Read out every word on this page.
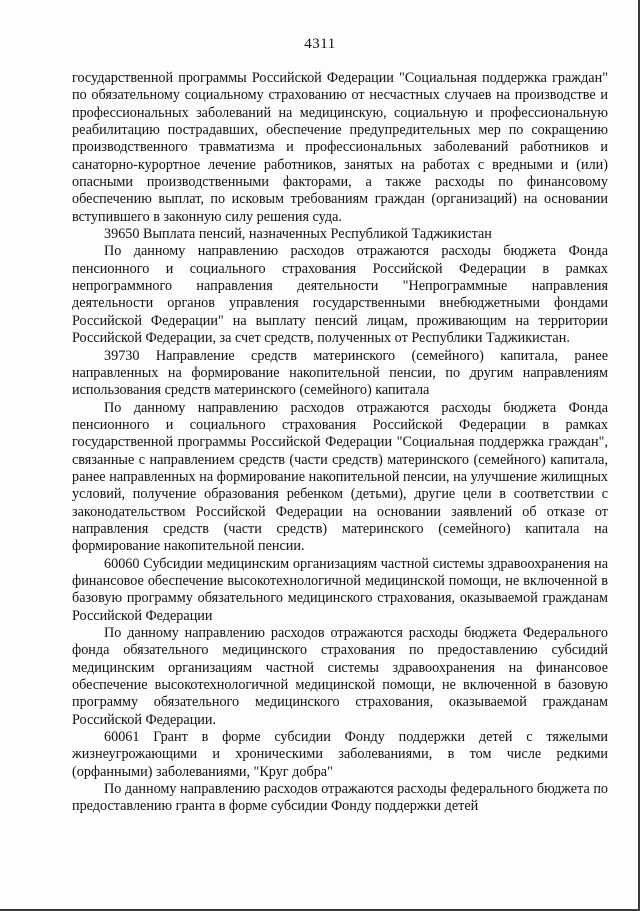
4311

государственной программы Российской Федерации "Социальная поддержка граждан" по обязательному социальному страхованию от несчастных случаев на производстве и профессиональных заболеваний на медицинскую, социальную и профессиональную реабилитацию пострадавших, обеспечение предупредительных мер по сокращению производственного травматизма и профессиональных заболеваний работников и санаторно-курортное лечение работников, занятых на работах с вредными и (или) опасными производственными факторами, а также расходы по финансовому обеспечению выплат, по исковым требованиям граждан (организаций) на основании вступившего в законную силу решения суда.

39650 Выплата пенсий, назначенных Республикой Таджикистан

По данному направлению расходов отражаются расходы бюджета Фонда пенсионного и социального страхования Российской Федерации в рамках непрограммного направления деятельности "Непрограммные направления деятельности органов управления государственными внебюджетными фондами Российской Федерации" на выплату пенсий лицам, проживающим на территории Российской Федерации, за счет средств, полученных от Республики Таджикистан.

39730 Направление средств материнского (семейного) капитала, ранее направленных на формирование накопительной пенсии, по другим направлениям использования средств материнского (семейного) капитала

По данному направлению расходов отражаются расходы бюджета Фонда пенсионного и социального страхования Российской Федерации в рамках государственной программы Российской Федерации "Социальная поддержка граждан", связанные с направлением средств (части средств) материнского (семейного) капитала, ранее направленных на формирование накопительной пенсии, на улучшение жилищных условий, получение образования ребенком (детьми), другие цели в соответствии с законодательством Российской Федерации на основании заявлений об отказе от направления средств (части средств) материнского (семейного) капитала на формирование накопительной пенсии.

60060 Субсидии медицинским организациям частной системы здравоохранения на финансовое обеспечение высокотехнологичной медицинской помощи, не включенной в базовую программу обязательного медицинского страхования, оказываемой гражданам Российской Федерации

По данному направлению расходов отражаются расходы бюджета Федерального фонда обязательного медицинского страхования по предоставлению субсидий медицинским организациям частной системы здравоохранения на финансовое обеспечение высокотехнологичной медицинской помощи, не включенной в базовую программу обязательного медицинского страхования, оказываемой гражданам Российской Федерации.

60061 Грант в форме субсидии Фонду поддержки детей с тяжелыми жизнеугрожающими и хроническими заболеваниями, в том числе редкими (орфанными) заболеваниями, "Круг добра"

По данному направлению расходов отражаются расходы федерального бюджета по предоставлению гранта в форме субсидии Фонду поддержки детей
